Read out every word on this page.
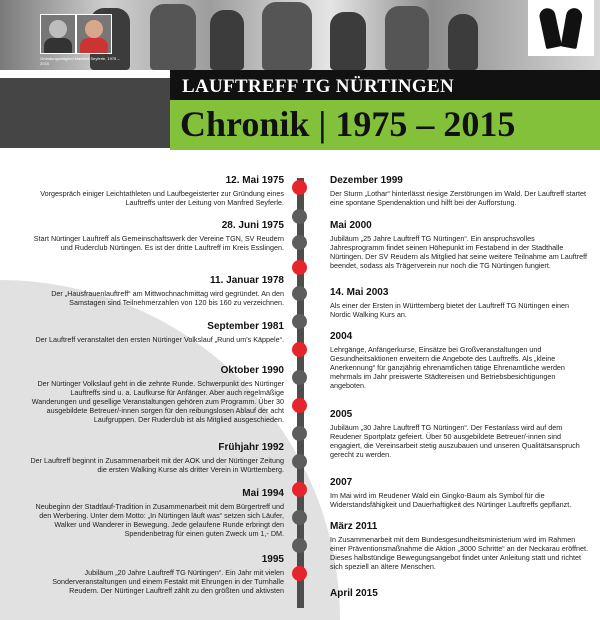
Gründungsmitglied Manfred Seyferle, 1975 – 2015
LAUFTREFF TG NÜRTINGEN
Chronik | 1975 – 2015
12. Mai 1975

Vorgespräch einiger Leichtathleten und Laufbegeisterter zur Gründung eines Lauftreffs unter der Leitung von Manfred Seyferle.

28. Juni 1975

Start Nürtinger Lauftreff als Gemeinschaftswerk der Vereine TGN, SV Reudern und Ruderclub Nürtingen. Es ist der dritte Lauftreff im Kreis Esslingen.

11. Januar 1978

Der „Hausfrauenlauftreff“ am Mittwochnachmittag wird gegründet. An den Samstagen sind Teilnehmerzahlen von 120 bis 160 zu verzeichnen.

September 1981

Der Lauftreff veranstaltet den ersten Nürtinger Volkslauf „Rund um's Käppele“.

Oktober 1990

Der Nürtinger Volkslauf geht in die zehnte Runde. Schwerpunkt des Nürtinger Lauftreffs sind u. a. Laufkurse für Anfänger. Aber auch regelmäßige Wanderungen und gesellige Veranstaltungen gehören zum Programm. Über 30 ausgebildete Betreuer/-innen sorgen für den reibungslosen Ablauf der acht Laufgruppen. Der Ruderclub ist als Mitglied ausgeschieden.

Frühjahr 1992

Der Lauftreff beginnt in Zusammenarbeit mit der AOK und der Nürtinger Zeitung die ersten Walking Kurse als dritter Verein in Württemberg.

Mai 1994

Neubeginn der Stadtlauf-Tradition in Zusammenarbeit mit dem Bürgertreff und den Werbering. Unter dem Motto: „In Nürtingen läuft was“ setzen sich Läufer, Walker und Wanderer in Bewegung. Jede gelaufene Runde erbringt den Spendenbetrag für einen guten Zweck um 1,- DM.

1995

Jubiläum „20 Jahre Lauftreff TG Nürtingen“. Ein Jahr mit vielen Sonderveranstaltungen und einem Festakt mit Ehrungen in der Turnhalle Reudern. Der Nürtinger Lauftreff zählt zu den größten und aktivsten

Dezember 1999

Der Sturm „Lothar“ hinterlässt riesige Zerstörungen im Wald. Der Lauftreff startet eine spontane Spendenaktion und hilft bei der Aufforstung.

Mai 2000

Jubiläum „25 Jahre Lauftreff TG Nürtingen“. Ein anspruchsvolles Jahresprogramm findet seinen Höhepunkt im Festabend in der Stadthalle Nürtingen. Der SV Reudern als Mitglied hat seine weitere Teilnahme am Lauftreff beendet, sodass als Trägerverein nur noch die TG Nürtingen fungiert.

14. Mai 2003

Als einer der Ersten in Württemberg bietet der Lauftreff TG Nürtingen einen Nordic Walking Kurs an.

2004

Lehrgänge, Anfängerkurse, Einsätze bei Großveranstaltungen und Gesundheitsaktionen erweitern die Angebote des Lauftreffs. Als „kleine Anerkennung“ für ganzjährig ehrenamtlichen tätige Ehrenamtliche werden mehrmals im Jahr preiswerte Städtereisen und Betriebsbesichtigungen angeboten.

2005

Jubiläum „30 Jahre Lauftreff TG Nürtingen“. Der Festanlass wird auf dem Reudener Sportplatz gefeiert. Über 50 ausgebildete Betreuer/-innen sind engagiert, die Vereinsarbeit stetig auszubauen und unseren Qualitätsanspruch gerecht zu werden.

2007

Im Mai wird im Reudener Wald ein Gingko-Baum als Symbol für die Widerstandsfähigkeit und Dauerhaftigkeit des Nürtinger Lauftreffs gepflanzt.

März 2011

In Zusammenarbeit mit dem Bundesgesundheitsministerium wird im Rahmen einer Präventionsmaßnahme die Aktion „3000 Schritte“ an der Neckarau eröffnet. Dieses halbstündige Bewegungsangebot findet unter Anleitung statt und richtet sich speziell an ältere Menschen.

April 2015
